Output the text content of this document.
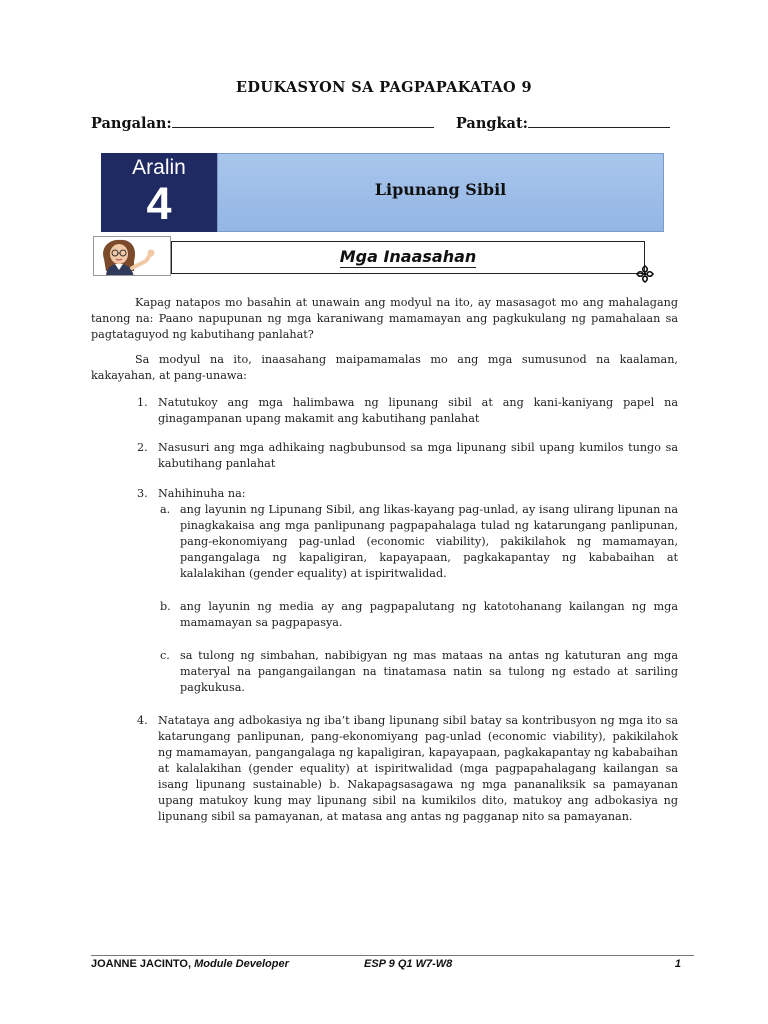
EDUKASYON SA PAGPAPAKATAO 9
Pangalan:	Pangkat:
Aralin
4	Lipunang Sibil
Mga Inaasahan
Kapag natapos mo basahin at unawain ang modyul na ito, ay masasagot mo ang mahalagang tanong na: Paano napupunan ng mga karaniwang mamamayan ang pagkukulang ng pamahalaan sa pagtataguyod ng kabutihang panlahat?
Sa modyul na ito, inaasahang maipamamalas mo ang mga sumusunod na kaalaman, kakayahan, at pang-unawa:
1. Natutukoy ang mga halimbawa ng lipunang sibil at ang kani-kaniyang papel na ginagampanan upang makamit ang kabutihang panlahat
2. Nasusuri ang mga adhikaing nagbubunsod sa mga lipunang sibil upang kumilos tungo sa kabutihang panlahat
3. Nahihinuha na:
a. ang layunin ng Lipunang Sibil, ang likas-kayang pag-unlad, ay isang ulirang lipunan na pinagkakaisa ang mga panlipunang pagpapahalaga tulad ng katarungang panlipunan, pang-ekonomiyang pag-unlad (economic viability), pakikilahok ng mamamayan, pangangalaga ng kapaligiran, kapayapaan, pagkakapantay ng kababaihan at kalalakihan (gender equality) at ispiritwalidad.
b. ang layunin ng media ay ang pagpapalutang ng katotohanang kailangan ng mga mamamayan sa pagpapasya.
c. sa tulong ng simbahan, nabibigyan ng mas mataas na antas ng katuturan ang mga materyal na pangangailangan na tinatamasa natin sa tulong ng estado at sariling pagkukusa.
4. Natataya ang adbokasiya ng iba’t ibang lipunang sibil batay sa kontribusyon ng mga ito sa katarungang panlipunan, pang-ekonomiyang pag-unlad (economic viability), pakikilahok ng mamamayan, pangangalaga ng kapaligiran, kapayapaan, pagkakapantay ng kababaihan at kalalakihan (gender equality) at ispiritwalidad (mga pagpapahalagang kailangan sa isang lipunang sustainable) b. Nakapagsasagawa ng mga pananaliksik sa pamayanan upang matukoy kung may lipunang sibil na kumikilos dito, matukoy ang adbokasiya ng lipunang sibil sa pamayanan, at matasa ang antas ng pagganap nito sa pamayanan.
JOANNE JACINTO, Module Developer	ESP 9 Q1 W7-W8	1
